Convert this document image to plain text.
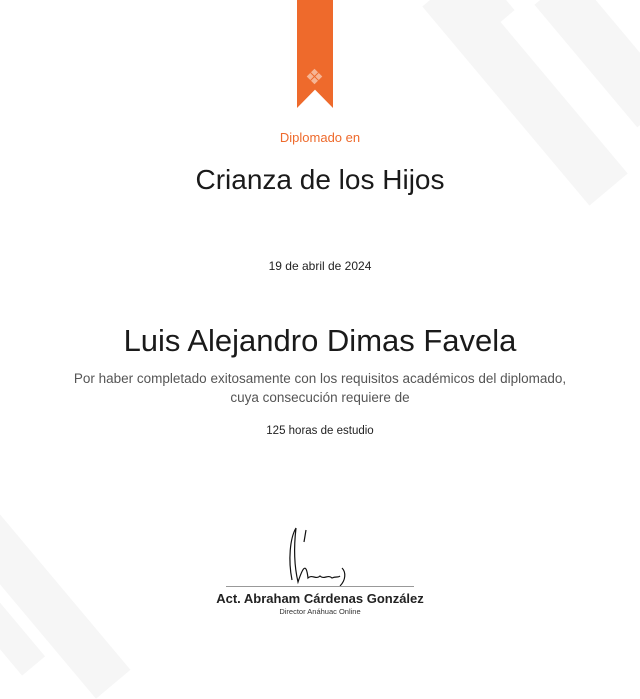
Diplomado en
Crianza de los Hijos
19 de abril de 2024
Luis Alejandro Dimas Favela
Por haber completado exitosamente con los requisitos académicos del diplomado,
cuya consecución requiere de
125 horas de estudio
Act. Abraham Cárdenas González
Director Anáhuac Online
